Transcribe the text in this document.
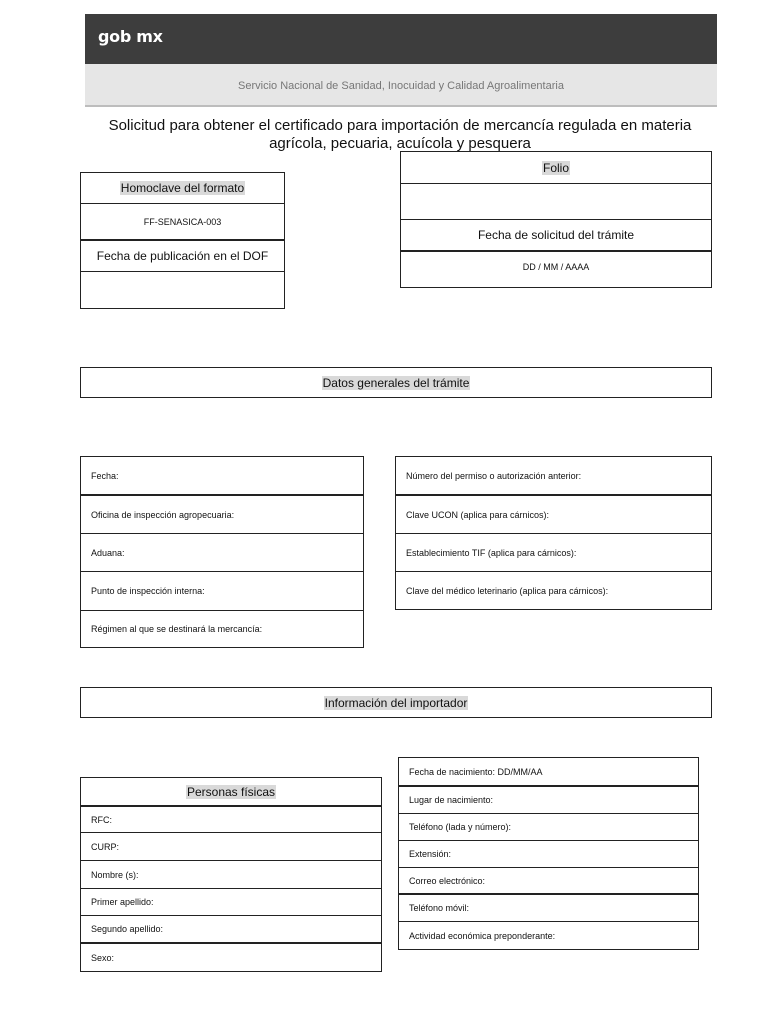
gob mx
Servicio Nacional de Sanidad, Inocuidad y Calidad Agroalimentaria
Solicitud para obtener el certificado para importación de mercancía regulada en materia agrícola, pecuaria, acuícola y pesquera
Homoclave del formato
FF-SENASICA-003
Fecha de publicación en el DOF
Folio
Fecha de solicitud del trámite
DD / MM / AAAA
Datos generales del trámite
Fecha:
Oficina de inspección agropecuaria:
Aduana:
Punto de inspección interna:
Régimen al que se destinará la mercancía:
Número del permiso o autorización anterior:
Clave UCON (aplica para cárnicos):
Establecimiento TIF (aplica para cárnicos):
Clave del médico leterinario (aplica para cárnicos):
Información del importador
Personas físicas
RFC:
CURP:
Nombre (s):
Primer apellido:
Segundo apellido:
Sexo:
Fecha de nacimiento: DD/MM/AA
Lugar de nacimiento:
Teléfono (lada y número):
Extensión:
Correo electrónico:
Teléfono móvil:
Actividad económica preponderante:
